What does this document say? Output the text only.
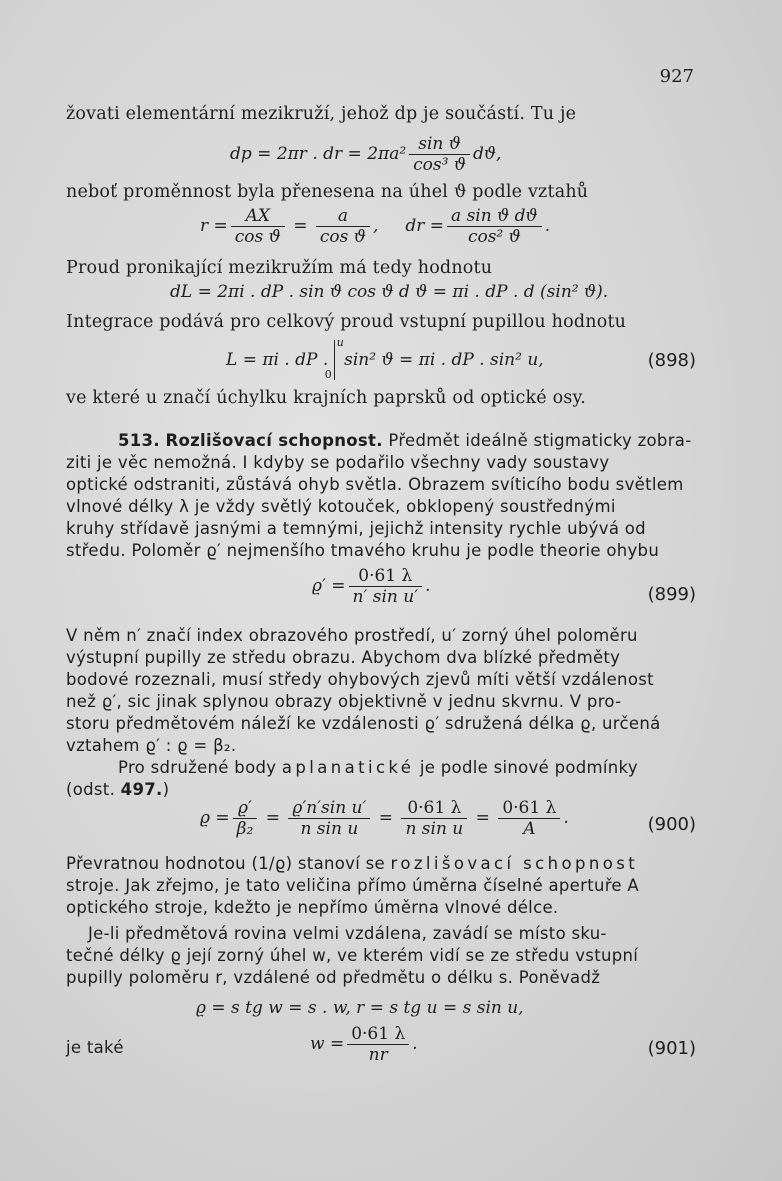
927
žovati elementární mezikruží, jehož dp je součástí. Tu je
dp = 2πr . dr = $2\pi a^2 \frac{\text{sin ϑ}}{\text{cos³ ϑ}} dϑ$,
neboť proměnnost byla přenesena na úhel ϑ podle vztahů
$r = \frac{AX}{\text{cos ϑ}} = \frac{a}{\text{cos ϑ}}$ ,     dr = $\frac{\text{a sin ϑ dϑ}}{\text{cos² ϑ}}$ .
Proud pronikající mezikružím má tedy hodnotu
dL = 2πi . dP . sin ϑ cos ϑ d ϑ = πi . dP . d (sin² ϑ).
Integrace podává pro celkový proud vstupní pupillou hodnotu
L = πi . dP .
u
0
sin² ϑ = πi . dP . sin² u,	(898)
ve které u značí úchylku krajních paprsků od optické osy.
513. Rozlišovací schopnost. Předmět ideálně stigmaticky zobra-
ziti je věc nemožná. I kdyby se podařilo všechny vady soustavy
optické odstraniti, zůstává ohyb světla. Obrazem svíticího bodu světlem
vlnové délky λ je vždy světlý kotouček, obklopený soustřednými
kruhy střídavě jasnými a temnými, jejichž intensity rychle ubývá od
středu. Poloměr ϱ′ nejmenšího tmavého kruhu je podle theorie ohybu
$ϱ' = \frac{0\cdot 61 \lambda}{\text{n′ sin u′}}$ .	(899)
V něm n′ značí index obrazového prostředí, u′ zorný úhel poloměru
výstupní pupilly ze středu obrazu. Abychom dva blízké předměty
bodové rozeznali, musí středy ohybových zjevů míti větší vzdálenost
než ϱ′, sic jinak splynou obrazy objektivně v jednu skvrnu. V pro-
storu předmětovém náleží ke vzdálenosti ϱ′ sdružená délka ϱ, určená
vztahem ϱ′ : ϱ = β₂.
Pro sdružené body aplanatické je podle sinové podmínky
(odst. 497.)
$ϱ = \frac{ϱ'}{\text{β₂}} = \frac{\text{ϱ′n′sin u′}}{\text{n sin u}} = \frac{0\cdot 61 \lambda}{\text{n sin u}} = \frac{0\cdot 61 \lambda}{A}$ .	(900)
Převratnou hodnotou (1/ϱ) stanoví se rozlišovací schopnost
stroje. Jak zřejmo, je tato veličina přímo úměrna číselné apertuře A
optického stroje, kdežto je nepřímo úměrna vlnové délce.
Je-li předmětová rovina velmi vzdálena, zavádí se místo sku-
tečné délky ϱ její zorný úhel w, ve kterém vidí se ze středu vstupní
pupilly poloměru r, vzdálené od předmětu o délku s. Poněvadž
ϱ = s tg w = s . w, r = s tg u = s sin u,
je také	$w = \frac{0\cdot 61 \lambda}{nr}$ .	(901)
